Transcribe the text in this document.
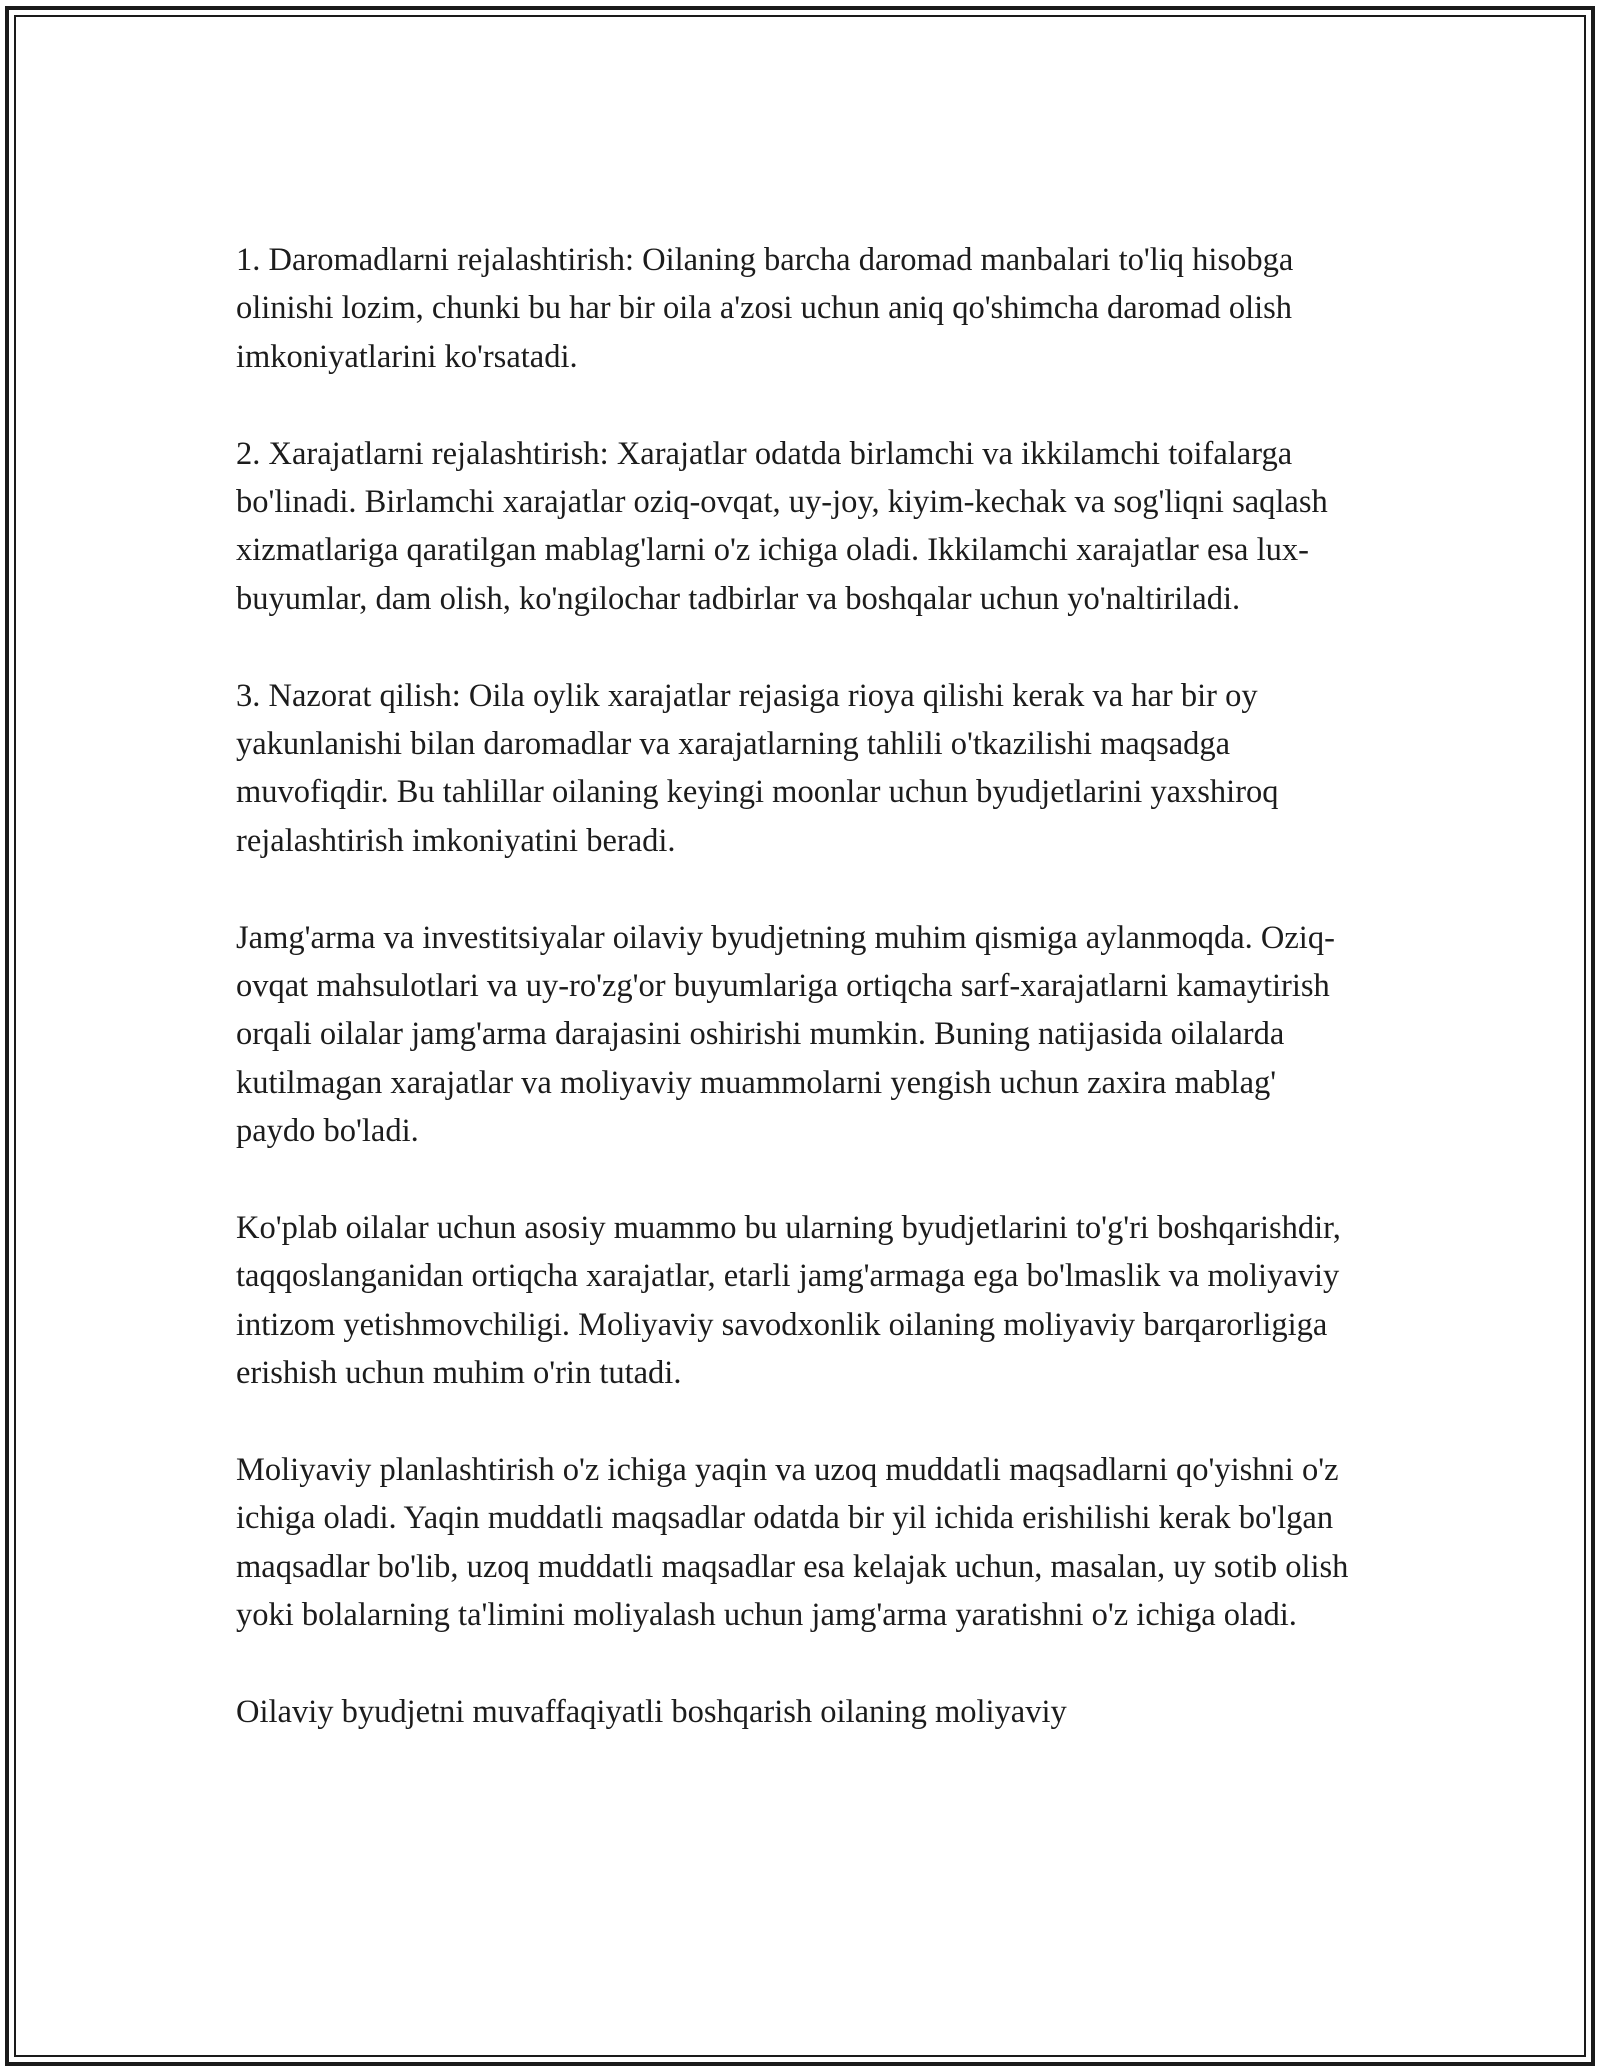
1. Daromadlarni rejalashtirish: Oilaning barcha daromad manbalari to'liq hisobga olinishi lozim, chunki bu har bir oila a'zosi uchun aniq qo'shimcha daromad olish imkoniyatlarini ko'rsatadi.

2. Xarajatlarni rejalashtirish: Xarajatlar odatda birlamchi va ikkilamchi toifalarga bo'linadi. Birlamchi xarajatlar oziq-ovqat, uy-joy, kiyim-kechak va sog'liqni saqlash xizmatlariga qaratilgan mablag'larni o'z ichiga oladi. Ikkilamchi xarajatlar esa lux-buyumlar, dam olish, ko'ngilochar tadbirlar va boshqalar uchun yo'naltiriladi.

3. Nazorat qilish: Oila oylik xarajatlar rejasiga rioya qilishi kerak va har bir oy yakunlanishi bilan daromadlar va xarajatlarning tahlili o'tkazilishi maqsadga muvofiqdir. Bu tahlillar oilaning keyingi moonlar uchun byudjetlarini yaxshiroq rejalashtirish imkoniyatini beradi.

Jamg'arma va investitsiyalar oilaviy byudjetning muhim qismiga aylanmoqda. Oziq-ovqat mahsulotlari va uy-ro'zg'or buyumlariga ortiqcha sarf-xarajatlarni kamaytirish orqali oilalar jamg'arma darajasini oshirishi mumkin. Buning natijasida oilalarda kutilmagan xarajatlar va moliyaviy muammolarni yengish uchun zaxira mablag' paydo bo'ladi.

Ko'plab oilalar uchun asosiy muammo bu ularning byudjetlarini to'g'ri boshqarishdir, taqqoslanganidan ortiqcha xarajatlar, etarli jamg'armaga ega bo'lmaslik va moliyaviy intizom yetishmovchiligi. Moliyaviy savodxonlik oilaning moliyaviy barqarorligiga erishish uchun muhim o'rin tutadi.

Moliyaviy planlashtirish o'z ichiga yaqin va uzoq muddatli maqsadlarni qo'yishni o'z ichiga oladi. Yaqin muddatli maqsadlar odatda bir yil ichida erishilishi kerak bo'lgan maqsadlar bo'lib, uzoq muddatli maqsadlar esa kelajak uchun, masalan, uy sotib olish yoki bolalarning ta'limini moliyalash uchun jamg'arma yaratishni o'z ichiga oladi.

Oilaviy byudjetni muvaffaqiyatli boshqarish oilaning moliyaviy
